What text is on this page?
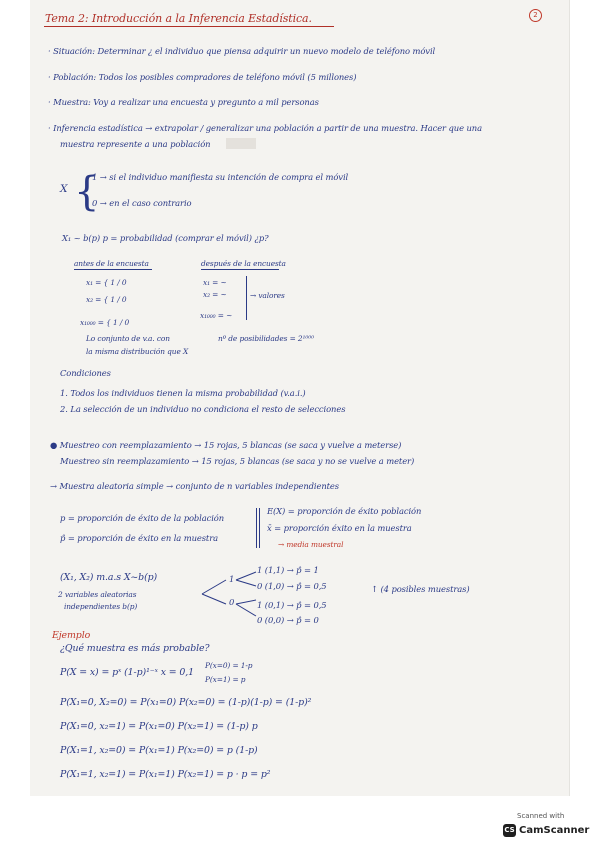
Tema 2: Introducción a la Inferencia Estadística.	2
· Situación: Determinar ¿ el individuo que piensa adquirir un nuevo modelo de teléfono móvil
· Población: Todos los posibles compradores de teléfono móvil (5 millones)
· Muestra: Voy a realizar una encuesta y pregunto a mil personas
· Inferencia estadística → extrapolar / generalizar una población a partir de una muestra. Hacer que una
muestra represente a una población
X {
1 → si el individuo manifiesta su intención de compra el móvil
0 → en el caso contrario
X₁ ~ b(p) p = probabilidad (comprar el móvil) ¿p?
antes de la encuesta	después de la encuesta
x₁ = { 1 / 0
x₂ = { 1 / 0
x₁₀₀₀ = { 1 / 0
x₁ = ~
x₂ = ~
x₁₀₀₀ = ~
→ valores
Lo conjunto de v.a. con
la misma distribución que X
nº de posibilidades = 2¹⁰⁰⁰
Condiciones
1. Todos los individuos tienen la misma probabilidad (v.a.i.)
2. La selección de un individuo no condiciona el resto de selecciones
● Muestreo con reemplazamiento → 15 rojas, 5 blancas (se saca y vuelve a meterse)
Muestreo sin reemplazamiento → 15 rojas, 5 blancas (se saca y no se vuelve a meter)
→ Muestra aleatoria simple → conjunto de n variables independientes
p = proporción de éxito de la población
p̂ = proporción de éxito en la muestra
E(X) = proporción de éxito población
x̄ = proporción éxito en la muestra
→ media muestral
(X₁, X₂) m.a.s X~b(p)
2 variables aleatorias
independientes b(p)
1
0
1 (1,1) → p̂ = 1
0 (1,0) → p̂ = 0,5
1 (0,1) → p̂ = 0,5
0 (0,0) → p̂ = 0
↑ (4 posibles muestras)
Ejemplo
¿Qué muestra es más probable?
P(X = x) = pˣ (1-p)¹⁻ˣ x = 0,1
P(x=0) = 1-p
P(x=1) = p
P(X₁=0, X₂=0) = P(x₁=0) P(x₂=0) = (1-p)(1-p) = (1-p)²
P(X₁=0, x₂=1) = P(x₁=0) P(x₂=1) = (1-p) p
P(X₁=1, x₂=0) = P(x₁=1) P(x₂=0) = p (1-p)
P(X₁=1, x₂=1) = P(x₁=1) P(x₂=1) = p · p = p²
Scanned with
CS CamScanner
